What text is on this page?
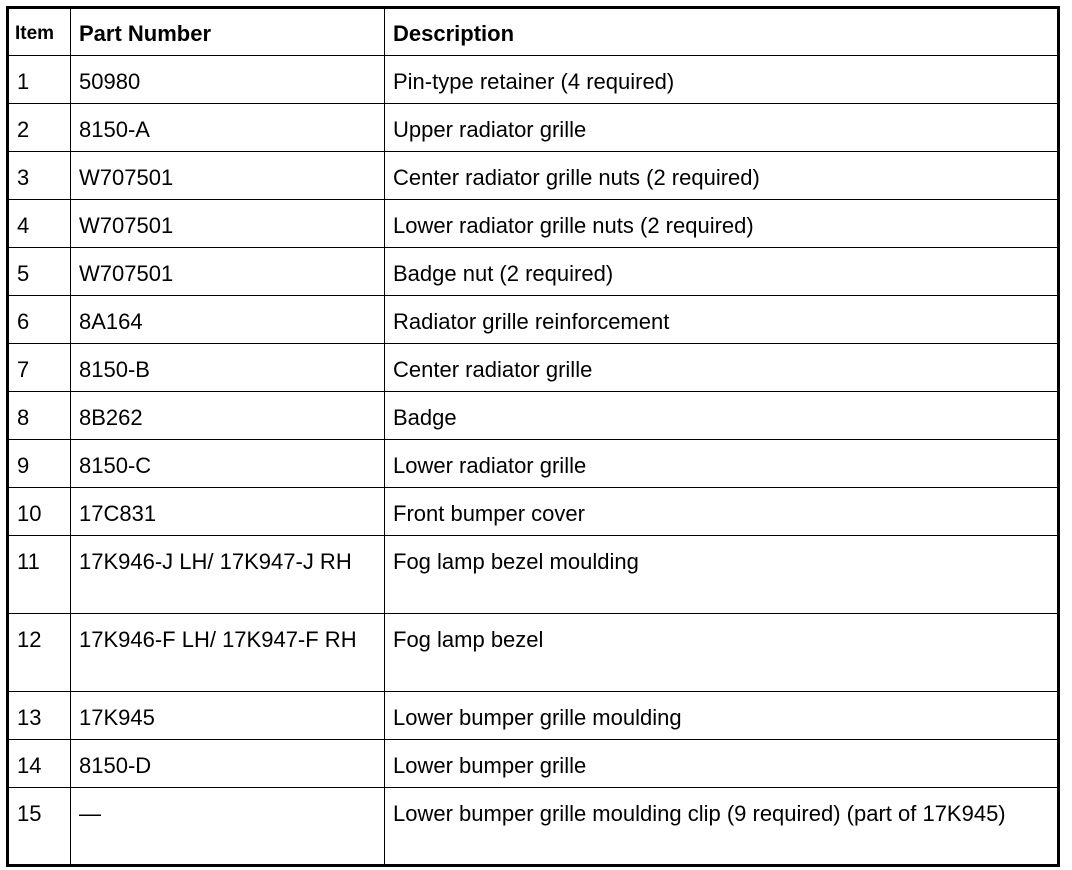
Item	Part Number	Description
1	50980	Pin-type retainer (4 required)
2	8150-A	Upper radiator grille
3	W707501	Center radiator grille nuts (2 required)
4	W707501	Lower radiator grille nuts (2 required)
5	W707501	Badge nut (2 required)
6	8A164	Radiator grille reinforcement
7	8150-B	Center radiator grille
8	8B262	Badge
9	8150-C	Lower radiator grille
10	17C831	Front bumper cover
11	17K946-J LH/ 17K947-J RH	Fog lamp bezel moulding
12	17K946-F LH/ 17K947-F RH	Fog lamp bezel
13	17K945	Lower bumper grille moulding
14	8150-D	Lower bumper grille
15	—	Lower bumper grille moulding clip (9 required) (part of 17K945)
